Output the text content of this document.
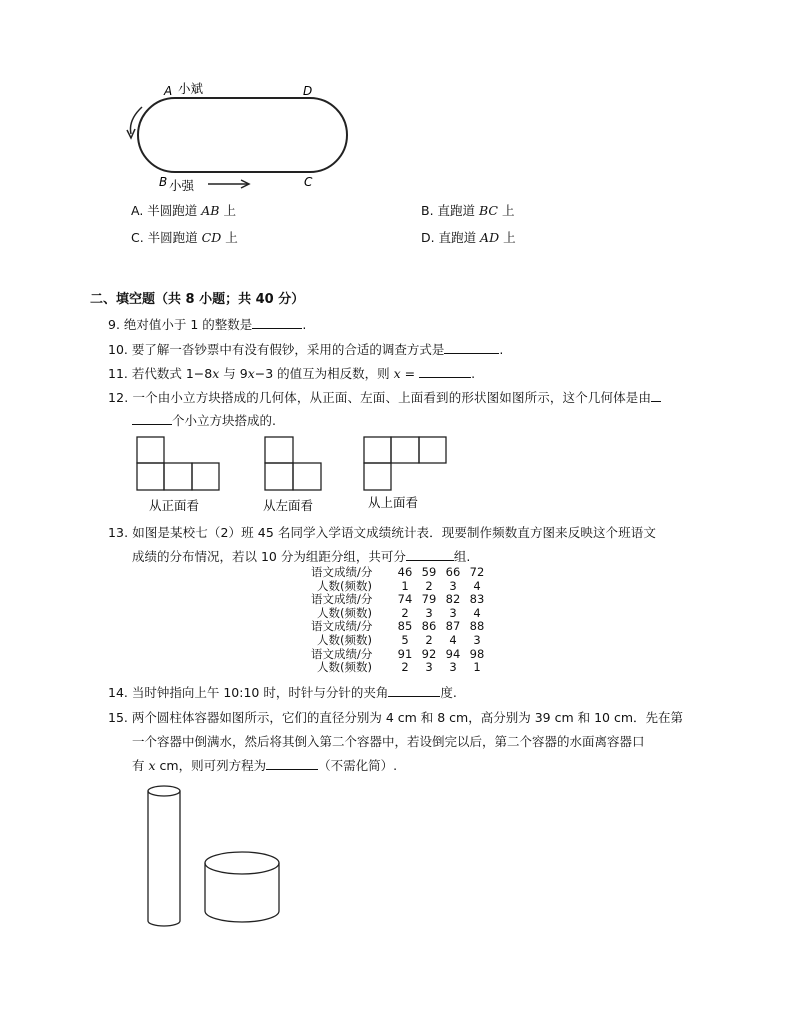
A 小斌	D
B 小强	C
A. 半圆跑道 AB 上	B. 直跑道 BC 上
C. 半圆跑道 CD 上	D. 直跑道 AD 上
二、填空题（共 8 小题；共 40 分）
9. 绝对值小于 1 的整数是	.
10. 要了解一沓钞票中有没有假钞，采用的合适的调查方式是	.
11. 若代数式 1−8x 与 9x−3 的值互为相反数，则 x =	.
12. 一个由小立方块搭成的几何体，从正面、左面、上面看到的形状图如图所示，这个几何体是由
个小立方块搭成的.
从正面看	从左面看	从上面看
13. 如图是某校七（2）班 45 名同学入学语文成绩统计表．现要制作频数直方图来反映这个班语文
成绩的分布情况，若以 10 分为组距分组，共可分	组.
语文成绩/分	46	59	66	72
人数(频数)	1	2	3	4
语文成绩/分	74	79	82	83
人数(频数)	2	3	3	4
语文成绩/分	85	86	87	88
人数(频数)	5	2	4	3
语文成绩/分	91	92	94	98
人数(频数)	2	3	3	1
14. 当时钟指向上午 10:10 时，时针与分针的夹角	度.
15. 两个圆柱体容器如图所示，它们的直径分别为 4 cm 和 8 cm，高分别为 39 cm 和 10 cm．先在第
一个容器中倒满水，然后将其倒入第二个容器中，若设倒完以后，第二个容器的水面离容器口
有 x cm，则可列方程为	（不需化简）.
